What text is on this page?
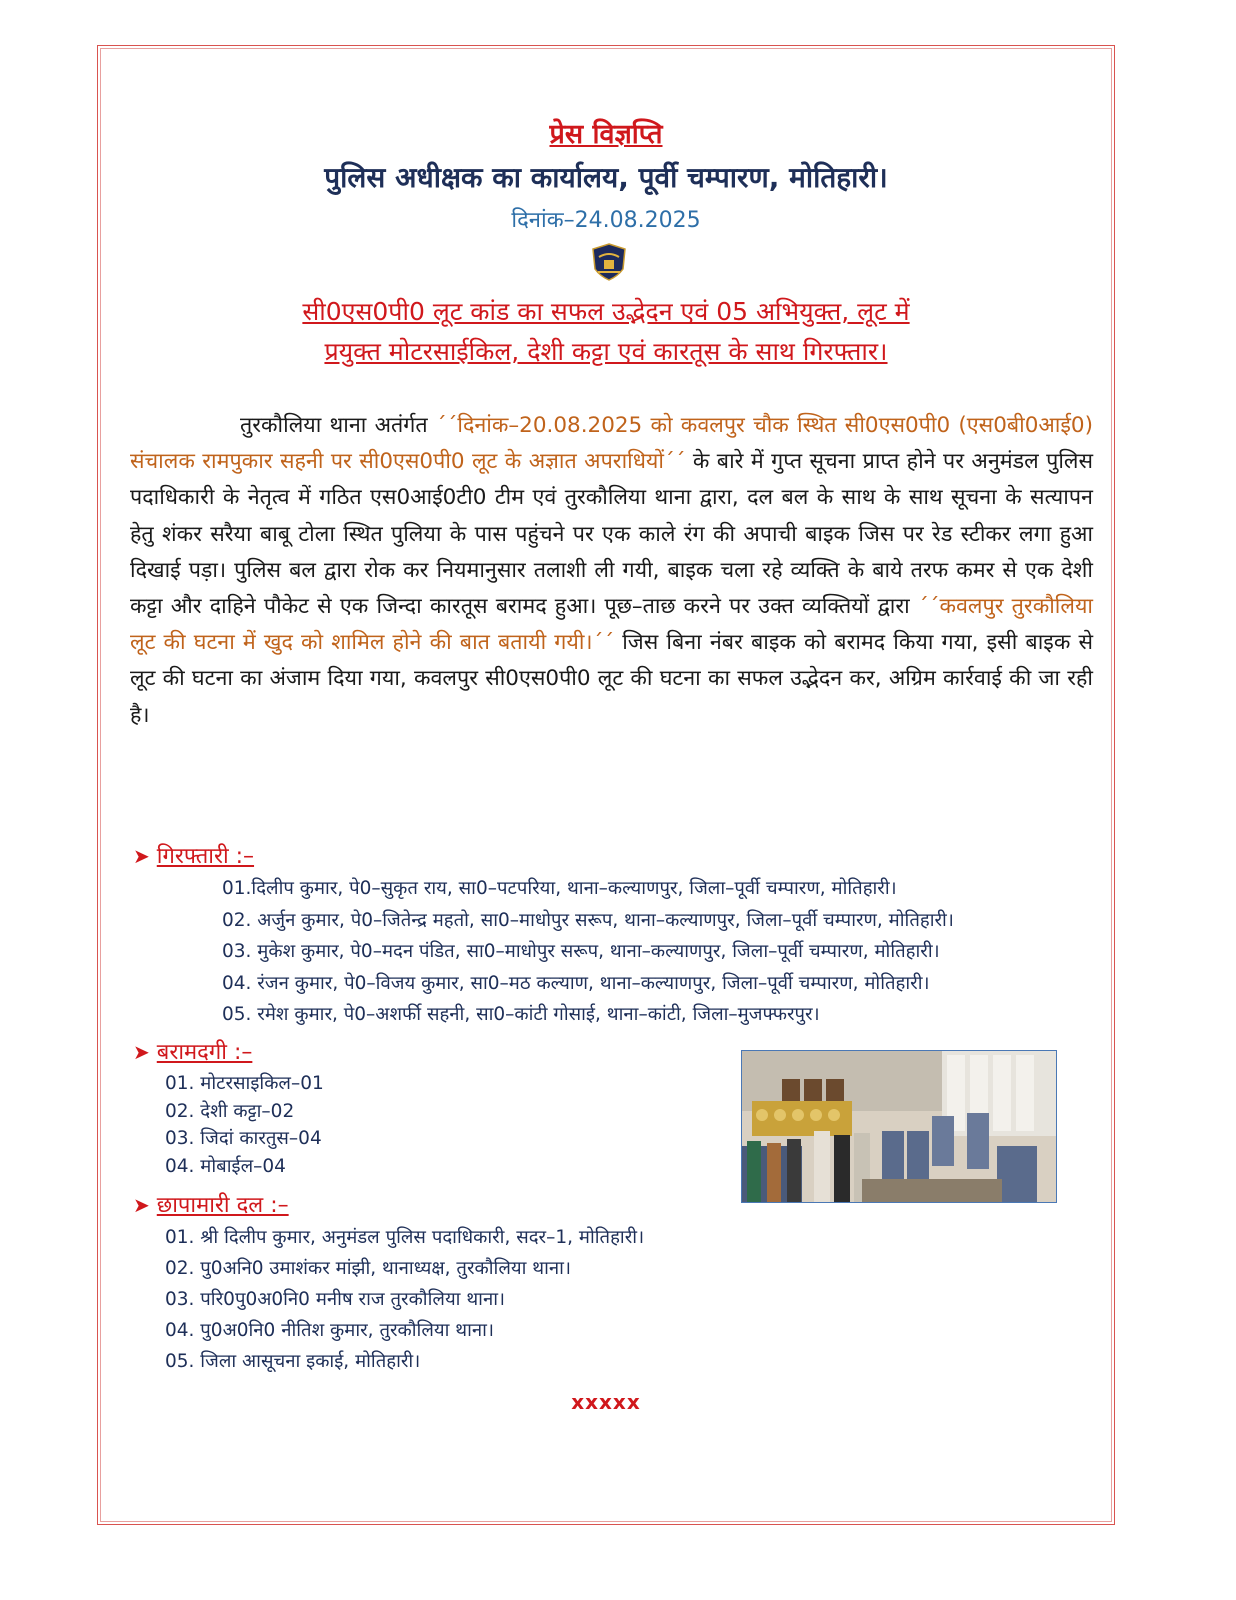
प्रेस विज्ञप्ति
पुलिस अधीक्षक का कार्यालय, पूर्वी चम्पारण, मोतिहारी।
दिनांक–24.08.2025
सी0एस0पी0 लूट कांड का सफल उद्भेदन एवं 05 अभियुक्त, लूट में
प्रयुक्त मोटरसाईकिल, देशी कट्टा एवं कारतूस के साथ गिरफ्तार।
तुरकौलिया थाना अतंर्गत ´´दिनांक–20.08.2025 को कवलपुर चौक स्थित सी0एस0पी0 (एस0बी0आई0) संचालक रामपुकार सहनी पर सी0एस0पी0 लूट के अज्ञात अपराधियों´´ के बारे में गुप्त सूचना प्राप्त होने पर अनुमंडल पुलिस पदाधिकारी के नेतृत्व में गठित एस0आई0टी0 टीम एवं तुरकौलिया थाना द्वारा, दल बल के साथ के साथ सूचना के सत्यापन हेतु शंकर सरैया बाबू टोला स्थित पुलिया के पास पहुंचने पर एक काले रंग की अपाची बाइक जिस पर रेड स्टीकर लगा हुआ दिखाई पड़ा। पुलिस बल द्वारा रोक कर नियमानुसार तलाशी ली गयी, बाइक चला रहे व्यक्ति के बाये तरफ कमर से एक देशी कट्टा और दाहिने पौकेट से एक जिन्दा कारतूस बरामद हुआ। पूछ–ताछ करने पर उक्त व्यक्तियों द्वारा ´´कवलपुर तुरकौलिया लूट की घटना में खुद को शामिल होने की बात बतायी गयी।´´ जिस बिना नंबर बाइक को बरामद किया गया, इसी बाइक से लूट की घटना का अंजाम दिया गया, कवलपुर सी0एस0पी0 लूट की घटना का सफल उद्भेदन कर, अग्रिम कार्रवाई की जा रही है।
➤ गिरफ्तारी :–
01.दिलीप कुमार, पे0–सुकृत राय, सा0–पटपरिया, थाना–कल्याणपुर, जिला–पूर्वी चम्पारण, मोतिहारी।
02. अर्जुन कुमार, पे0–जितेन्द्र महतो, सा0–माधोपुर सरूप, थाना–कल्याणपुर, जिला–पूर्वी चम्पारण, मोतिहारी।
03. मुकेश कुमार, पे0–मदन पंडित, सा0–माधोपुर सरूप, थाना–कल्याणपुर, जिला–पूर्वी चम्पारण, मोतिहारी।
04. रंजन कुमार, पे0–विजय कुमार, सा0–मठ कल्याण, थाना–कल्याणपुर, जिला–पूर्वी चम्पारण, मोतिहारी।
05. रमेश कुमार, पे0–अशर्फी सहनी, सा0–कांटी गोसाई, थाना–कांटी, जिला–मुजफ्फरपुर।
➤ बरामदगी :–
01. मोटरसाइकिल–01
02. देशी कट्टा–02
03. जिदां कारतुस–04
04. मोबाईल–04
➤ छापामारी दल :–
01. श्री दिलीप कुमार, अनुमंडल पुलिस पदाधिकारी, सदर–1, मोतिहारी।
02. पु0अनि0 उमाशंकर मांझी, थानाध्यक्ष, तुरकौलिया थाना।
03. परि0पु0अ0नि0 मनीष राज तुरकौलिया थाना।
04. पु0अ0नि0 नीतिश कुमार, तुरकौलिया थाना।
05. जिला आसूचना इकाई, मोतिहारी।
xxxxx
